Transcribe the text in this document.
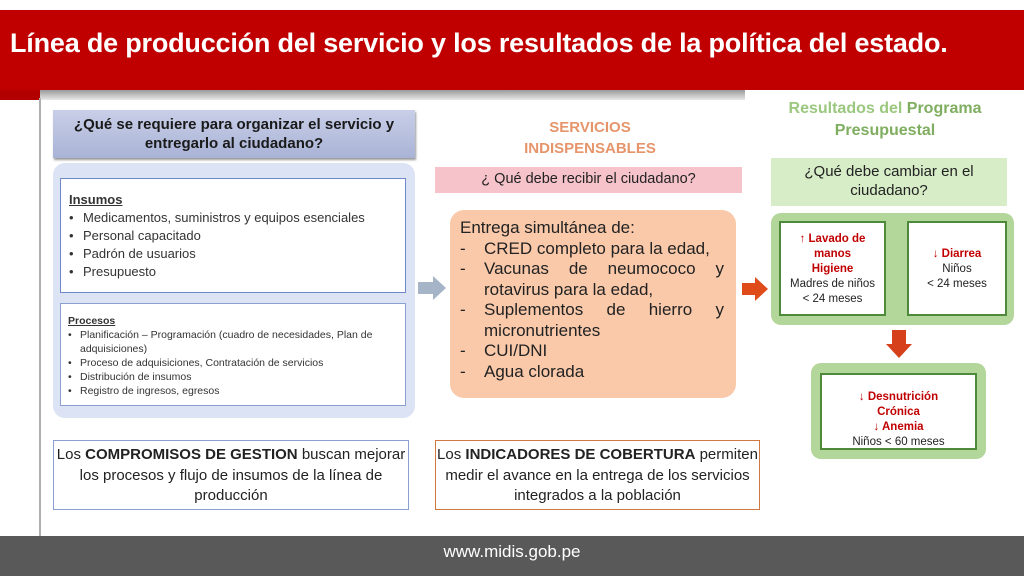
Línea de producción del servicio y los resultados de la política del estado.
¿Qué se requiere para organizar el servicio y entregarlo al ciudadano?
Insumos
• Medicamentos, suministros y equipos esenciales
• Personal capacitado
• Padrón de usuarios
• Presupuesto
Procesos
• Planificación – Programación (cuadro de necesidades, Plan de adquisiciones)
• Proceso de adquisiciones, Contratación de servicios
• Distribución de insumos
• Registro de ingresos, egresos
Los COMPROMISOS DE GESTION buscan mejorar los procesos y flujo de insumos de la línea de producción
SERVICIOS
INDISPENSABLES
¿ Qué debe recibir el ciudadano?
Entrega simultánea de:
- CRED completo para la edad,
- Vacunas de neumococo y rotavirus para la edad,
- Suplementos de hierro y micronutrientes
- CUI/DNI
- Agua clorada
Los INDICADORES DE COBERTURA permiten medir el avance en la entrega de los servicios integrados a la población
Resultados del Programa
Presupuestal
¿Qué debe cambiar en el ciudadano?
↑ Lavado de
manos
Higiene
Madres de niños
< 24 meses
↓ Diarrea
Niños
< 24 meses
↓ Desnutrición
Crónica
↓ Anemia
Niños < 60 meses
www.midis.gob.pe
